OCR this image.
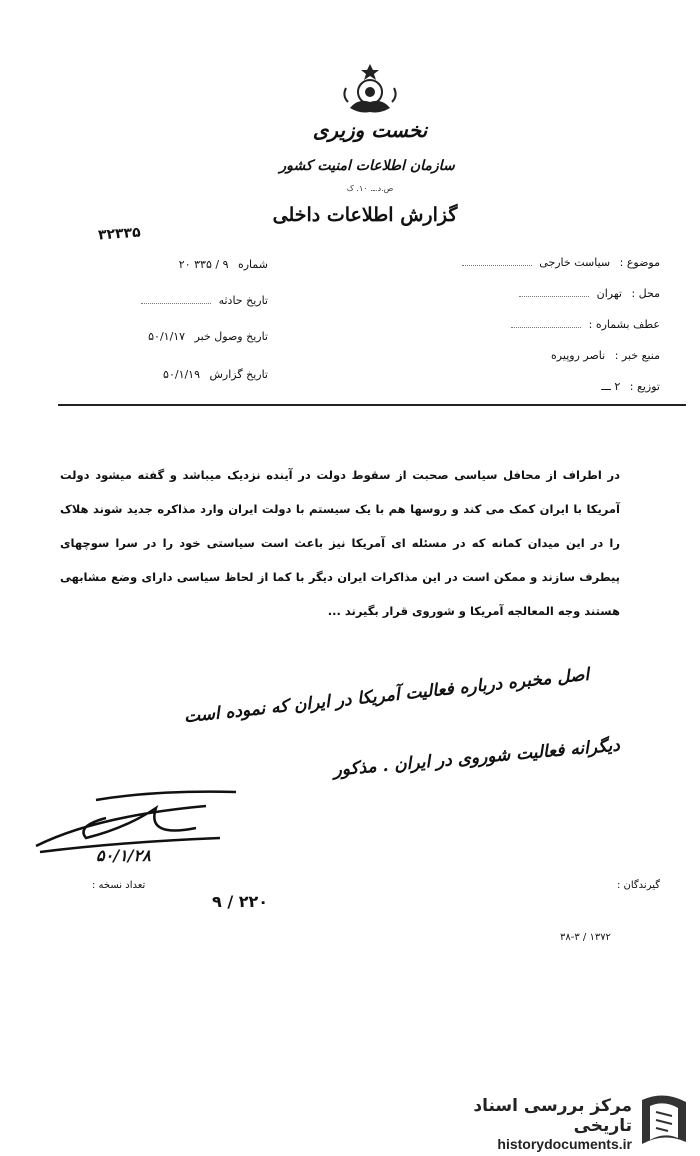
نخست وزیری
سازمان اطلاعات امنیت کشور
ص.د.ـ. ۱۰. ک
گزارش اطلاعات داخلی
۳۲۳۳۵
موضوع : سیاست خارجی
محل : تهران
عطف بشماره :
منبع خبر : ناصر روپیره
توزیع : ۲ ـــ
شماره ۹ / ۳۳۵ ۲۰
تاریخ حادثه
تاریخ وصول خبر ۵۰/۱/۱۷
تاریخ گزارش ۵۰/۱/۱۹
در اطراف از محافل سیاسی صحبت از سقوط دولت در آینده نزدیک میباشد و گفته میشود دولت آمریکا با ایران کمک می کند و روسها هم با یک سیستم با دولت ایران وارد مذاکره جدید شوند هلاک را در این میدان کمانه که در مسئله ای آمریکا نیز باعث است سیاستی خود را در سرا سوچهای پیطرف سازند و ممکن است در این مذاکرات ایران دیگر با کما از لحاظ سیاسی دارای وضع مشابهی هستند وجه المعالجه آمریکا و شوروی قرار بگیرند ...
اصل مخبره درباره فعالیت آمریکا در ایران که نموده است
دیگرانه فعالیت شوروی در ایران . مذکور
۵۰/۱/۲۸
گیرندگان :
تعداد نسخه :
۹ / ۲۲۰
۳۸-۳ / ۱۳۷۲
مرکز بررسی اسناد تاریخی
historydocuments.ir
